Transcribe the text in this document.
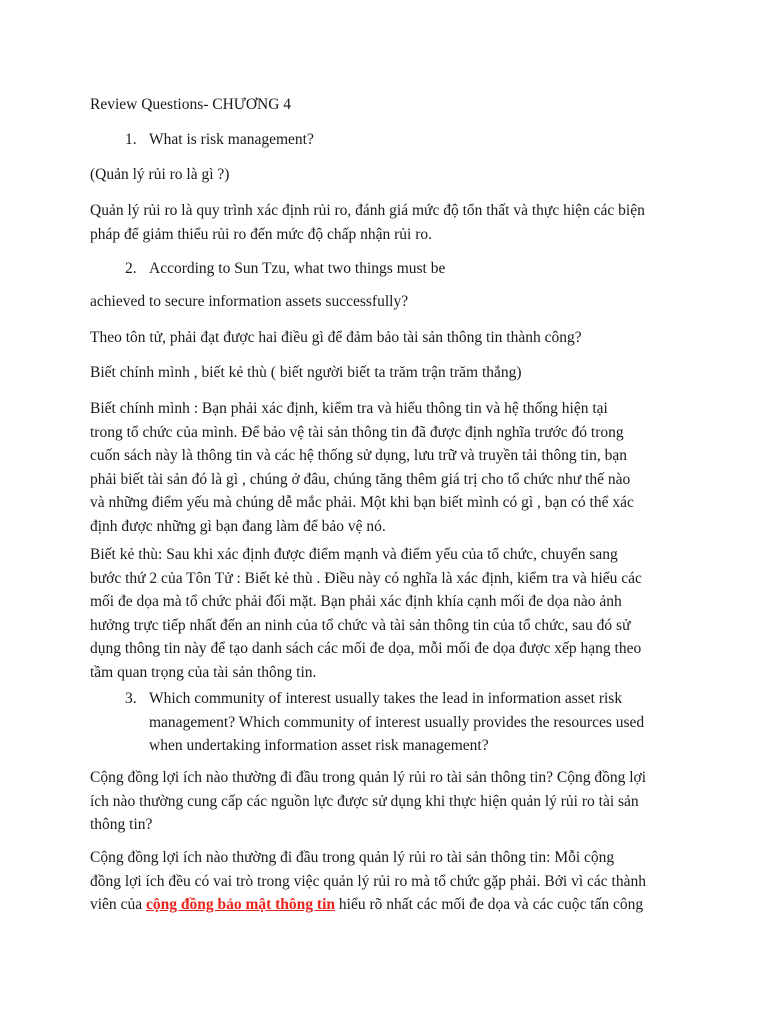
Review Questions- CHƯƠNG 4
1. What is risk management?
(Quản lý rủi ro là gì ?)
Quản lý rủi ro là quy trình xác định rủi ro, đánh giá mức độ tổn thất và thực hiện các biện
pháp để giảm thiểu rủi ro đến mức độ chấp nhận rủi ro.
2. According to Sun Tzu, what two things must be
achieved to secure information assets successfully?
Theo tôn tử, phải đạt được hai điều gì để đảm bảo tài sản thông tin thành công?
Biết chính mình , biết kẻ thù ( biết người biết ta trăm trận trăm thắng)
Biết chính mình : Bạn phải xác định, kiểm tra và hiểu thông tin và hệ thống hiện tại
trong tổ chức của mình. Để bảo vệ tài sản thông tin đã được định nghĩa trước đó trong
cuốn sách này là thông tin và các hệ thống sử dụng, lưu trữ và truyền tải thông tin, bạn
phải biết tài sản đó là gì , chúng ở đâu, chúng tăng thêm giá trị cho tổ chức như thế nào
và những điểm yếu mà chúng dễ mắc phải. Một khi bạn biết mình có gì , bạn có thể xác
định được những gì bạn đang làm để bảo vệ nó.
Biết kẻ thù: Sau khi xác định được điểm mạnh và điểm yếu của tổ chức, chuyển sang
bước thứ 2 của Tôn Tử : Biết kẻ thù . Điều này có nghĩa là xác định, kiểm tra và hiểu các
mối đe dọa mà tổ chức phải đối mặt. Bạn phải xác định khía cạnh mối đe dọa nào ảnh
hưởng trực tiếp nhất đến an ninh của tổ chức và tài sản thông tin của tổ chức, sau đó sử
dụng thông tin này để tạo danh sách các mối đe dọa, mỗi mối đe dọa được xếp hạng theo
tầm quan trọng của tài sản thông tin.
3. Which community of interest usually takes the lead in information asset risk
management? Which community of interest usually provides the resources used
when undertaking information asset risk management?
Cộng đồng lợi ích nào thường đi đầu trong quản lý rủi ro tài sản thông tin? Cộng đồng lợi
ích nào thường cung cấp các nguồn lực được sử dụng khi thực hiện quản lý rủi ro tài sản
thông tin?
Cộng đồng lợi ích nào thường đi đầu trong quản lý rủi ro tài sản thông tin: Mỗi cộng
đồng lợi ích đều có vai trò trong việc quản lý rủi ro mà tổ chức gặp phải. Bởi vì các thành
viên của cộng đồng bảo mật thông tin hiểu rõ nhất các mối đe dọa và các cuộc tấn công
